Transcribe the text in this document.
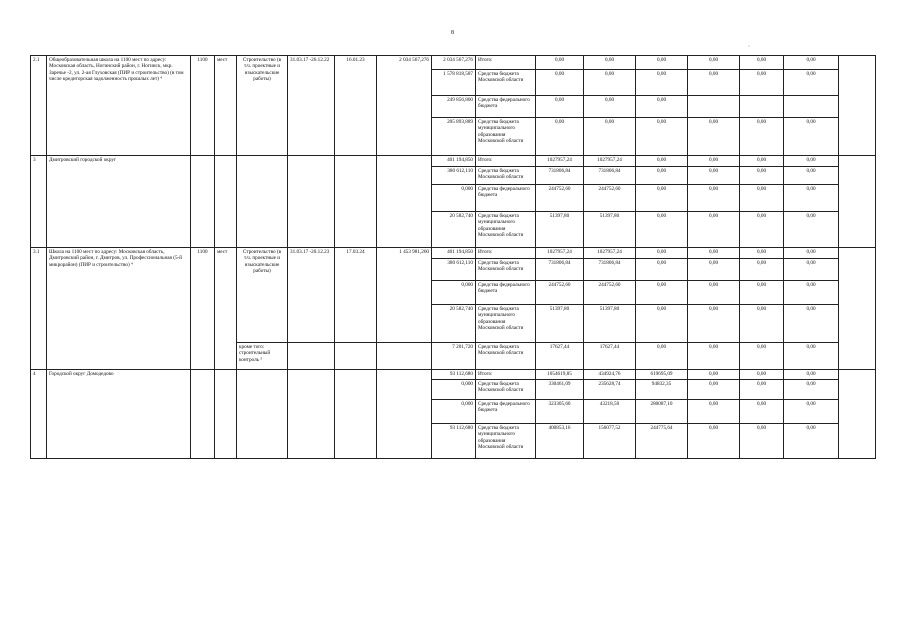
8
·
2.1	Общеобразовательная школа на 1100 мест по адресу: Московская область, Ногинский район, г. Ногинск, мкр. Заречье -2, ул. 2-ая Глуховская (ПИР и строительство) (в том числе кредиторская задолженность прошлых лет) ⁴	1100	мест	Строительство (в т.ч. проектные и изыскательские работы)	31.03.17 -26.12.22	16.01.23	2 034 567,276	2 034 567,276	Итого:	0,00	0,00	0,00	0,00	0,00	0,00	
								1 578 818,587	Средства бюджета Московской области	0,00	0,00	0,00	0,00	0,00	0,00	
								249 856,800	Средства федерального бюджета	0,00	0,00	0,00				
								205 893,889	Средства бюджета муниципального образования Московской области	0,00	0,00	0,00	0,00	0,00	0,00	
3	Дмитровский городской округ							401 194,850	Итого:	1027957,24	1027957,24	0,00	0,00	0,00	0,00	
								380 612,110	Средства бюджета Московской области	731806,84	731806,84	0,00	0,00	0,00	0,00	
								0,000	Средства федерального бюджета	244752,60	244752,60	0,00	0,00	0,00	0,00	
								20 582,740	Средства бюджета муниципального образования Московской области	51397,80	51397,80	0,00	0,00	0,00	0,00	
3.1	Школа на 1100 мест по адресу: Московская область, Дмитровский район, г. Дмитров, ул. Профессиональная (5-й микрорайон) (ПИР и строительство) ⁴	1100	мест	Строительство (в т.ч. проектные и изыскательские работы)	31.03.17 -20.12.23	17.03.24	1 453 981,260	401 194,850	Итого:	1027957,24	1027957,24	0,00	0,00	0,00	0,00	
								380 612,110	Средства бюджета Московской области	731806,84	731806,84	0,00	0,00	0,00	0,00	
								0,000	Средства федерального бюджета	244752,60	244752,60	0,00	0,00	0,00	0,00	
								20 582,740	Средства бюджета муниципального образования Московской области	51397,80	51397,80	0,00	0,00	0,00	0,00	
				кроме того: строительный контроль ⁵				7 201,720	Средства бюджета Московской области	17627,44	17627,44	0,00	0,00	0,00	0,00	
4	Городской округ Домодедово							93 112,680	Итого:	1054619,85	434924,76	619695,09	0,00	0,00	0,00	
								0,000	Средства бюджета Московской области	330461,09	235628,74	94832,35	0,00	0,00	0,00	
								0,000	Средства федерального бюджета	323305,60	43218,50	280087,10	0,00	0,00	0,00	
								93 112,680	Средства бюджета муниципального образования Московской области	400853,16	156077,52	244775,64	0,00	0,00	0,00	
